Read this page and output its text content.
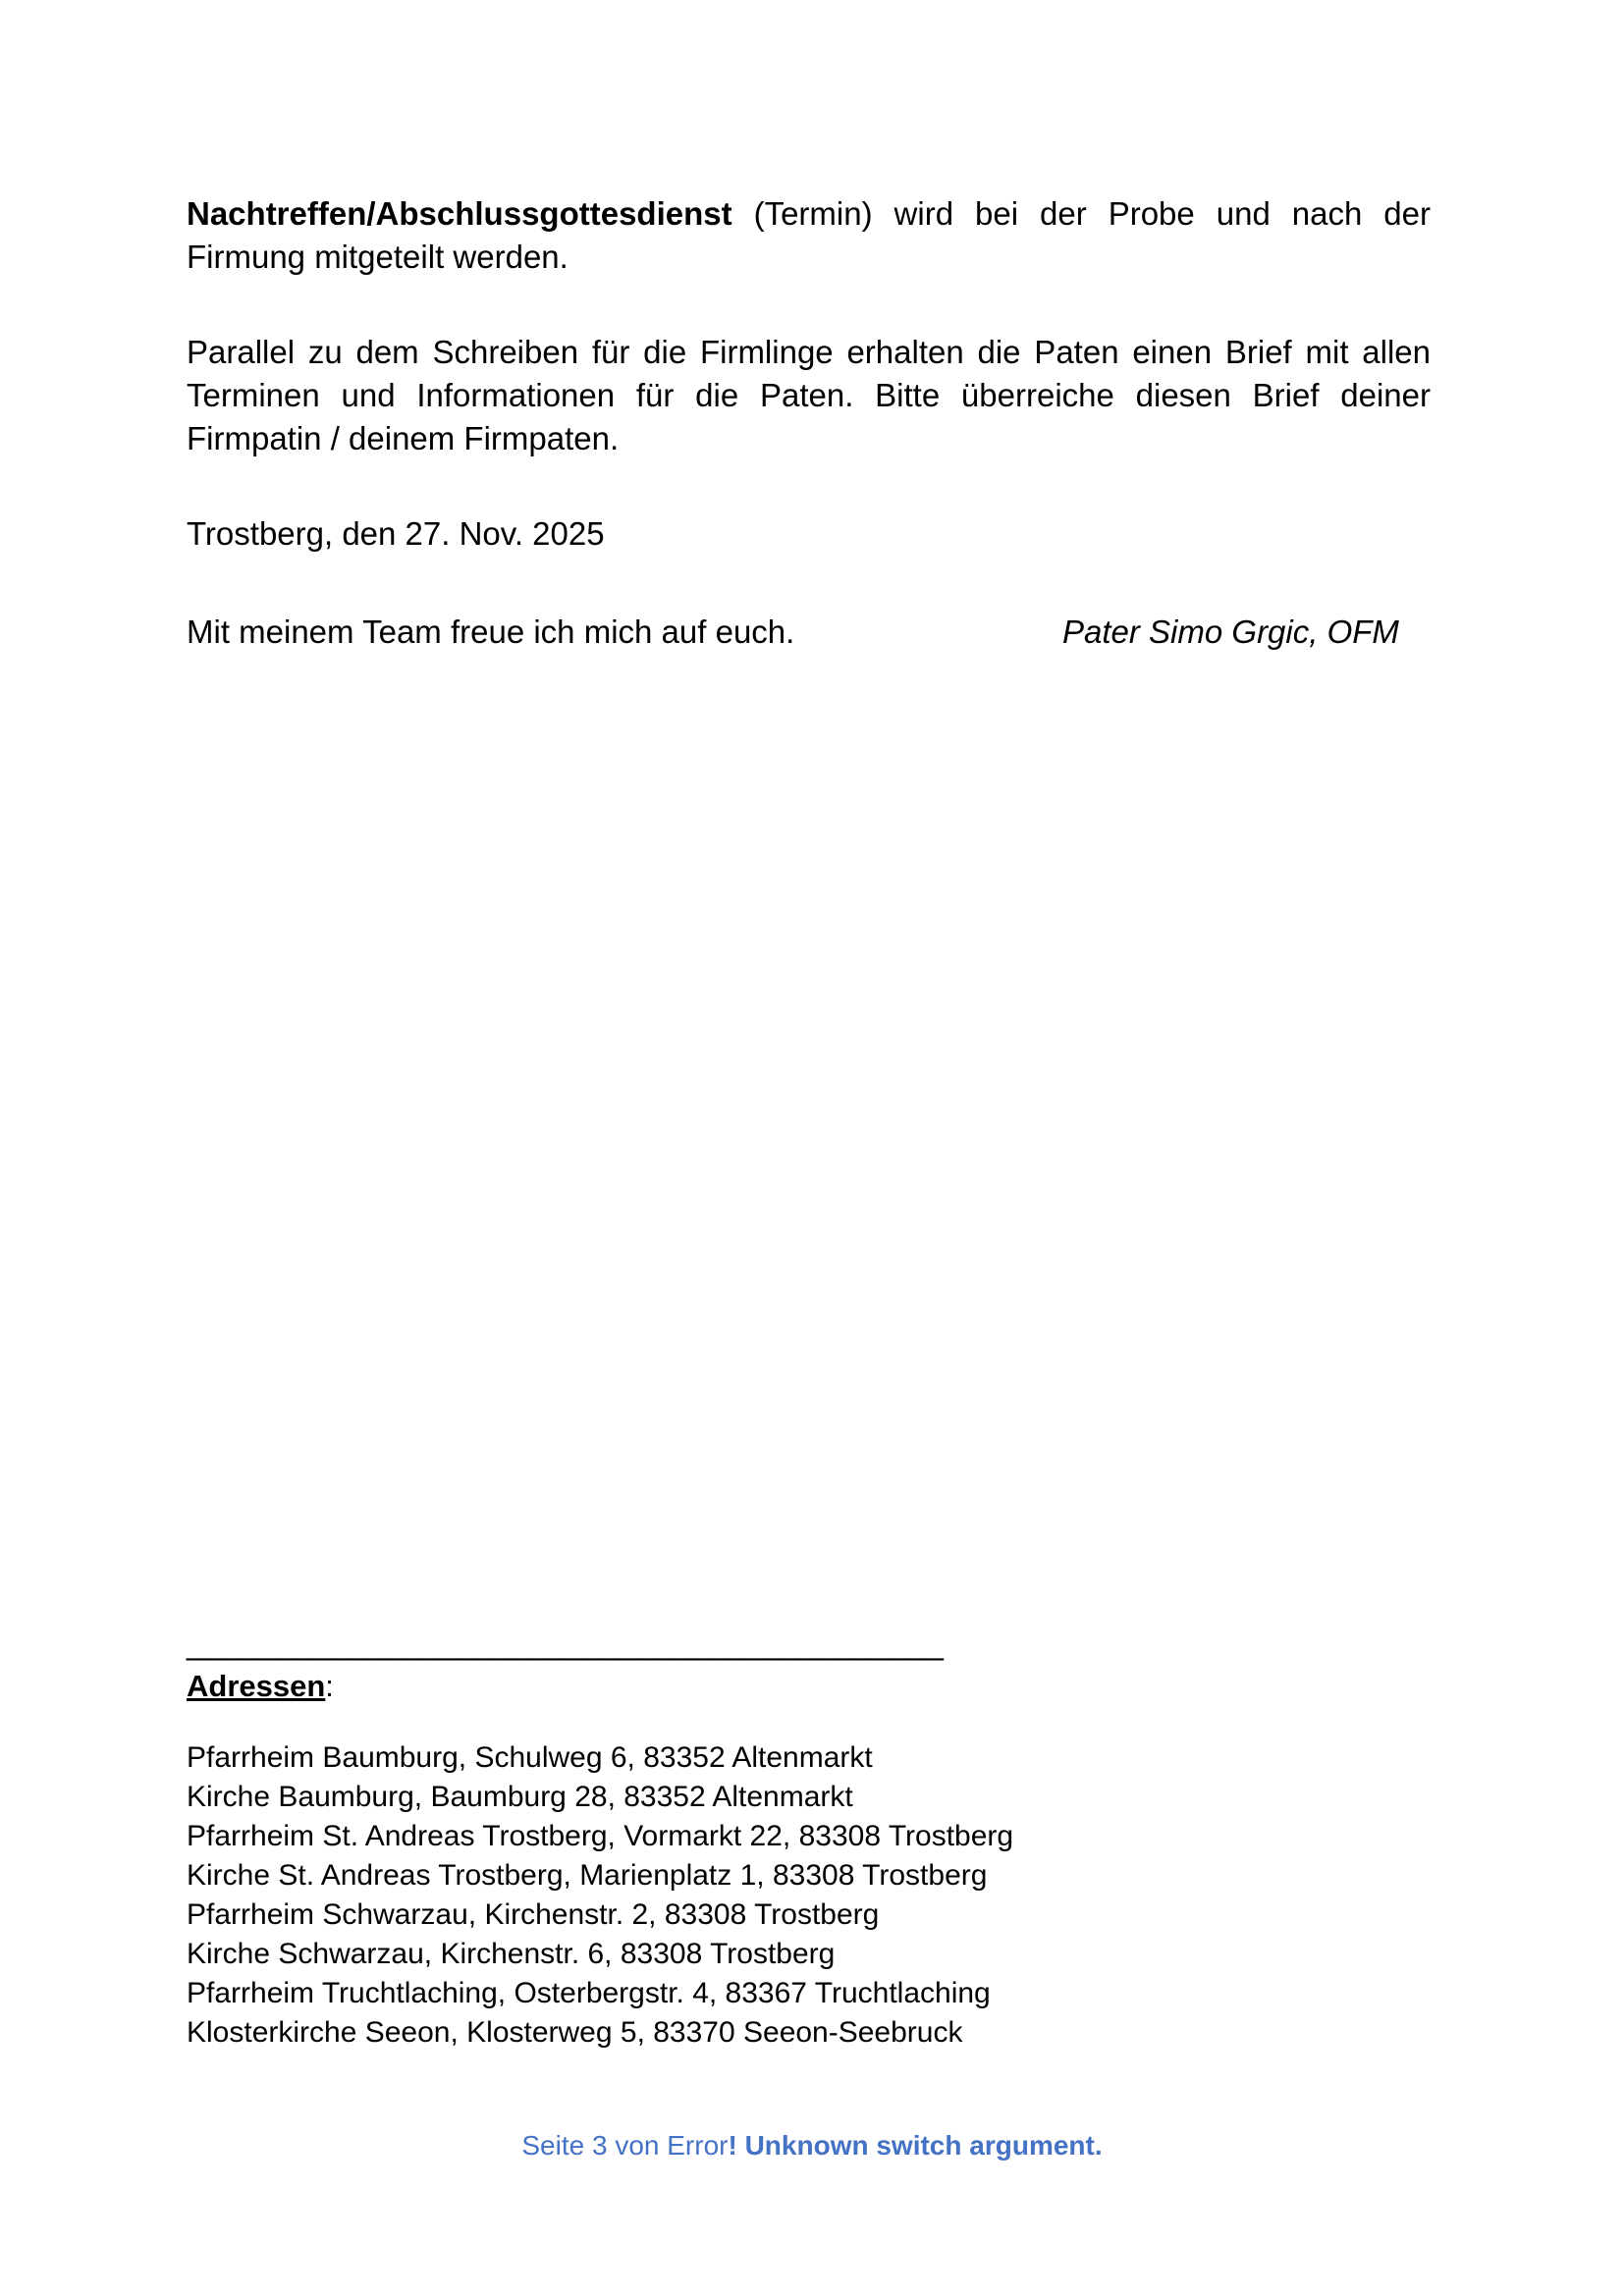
Nachtreffen/Abschlussgottesdienst (Termin) wird bei der Probe und nach der Firmung mitgeteilt werden.

Parallel zu dem Schreiben für die Firmlinge erhalten die Paten einen Brief mit allen Terminen und Informationen für die Paten. Bitte überreiche diesen Brief deiner Firmpatin / deinem Firmpaten.

Trostberg, den 27. Nov. 2025

Mit meinem Team freue ich mich auf euch.	Pater Simo Grgic, OFM

__________________________________________

Adressen:

Pfarrheim Baumburg, Schulweg 6, 83352 Altenmarkt
Kirche Baumburg, Baumburg 28, 83352 Altenmarkt
Pfarrheim St. Andreas Trostberg, Vormarkt 22, 83308 Trostberg
Kirche St. Andreas Trostberg, Marienplatz 1, 83308 Trostberg
Pfarrheim Schwarzau, Kirchenstr. 2, 83308 Trostberg
Kirche Schwarzau, Kirchenstr. 6, 83308 Trostberg
Pfarrheim Truchtlaching, Osterbergstr. 4, 83367 Truchtlaching
Klosterkirche Seeon, Klosterweg 5, 83370 Seeon-Seebruck
Seite 3 von Error! Unknown switch argument.
